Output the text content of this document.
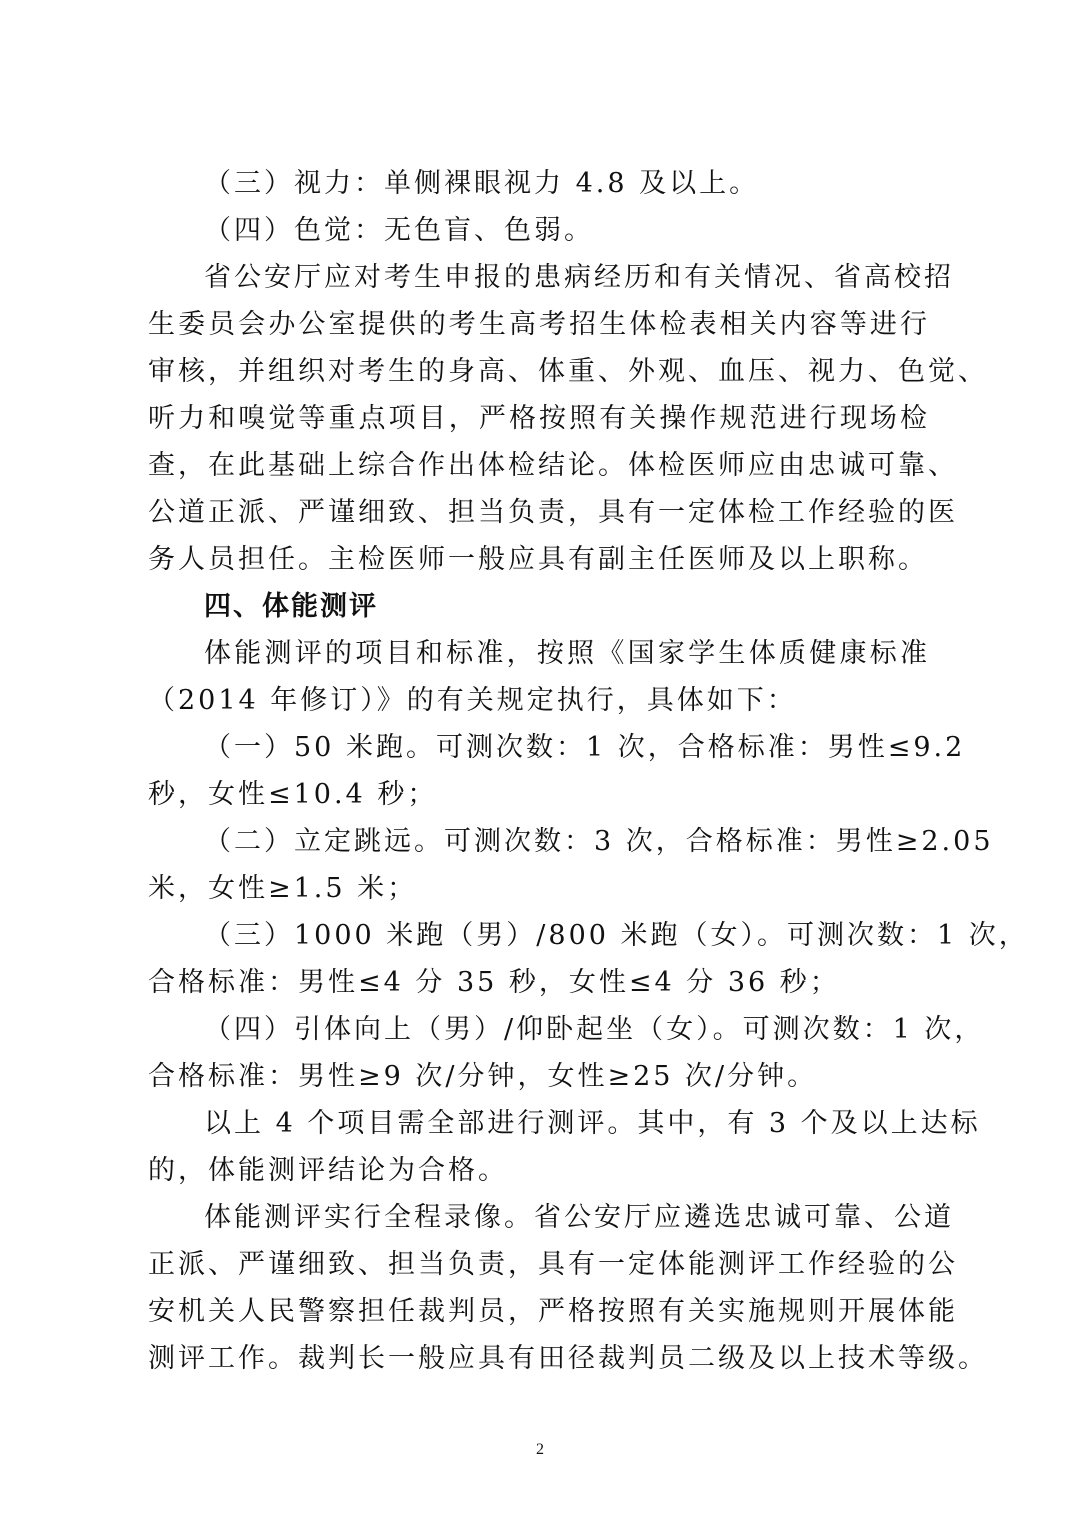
（三）视力：单侧裸眼视力 4.8 及以上。
（四）色觉：无色盲、色弱。
省公安厅应对考生申报的患病经历和有关情况、省高校招
生委员会办公室提供的考生高考招生体检表相关内容等进行
审核，并组织对考生的身高、体重、外观、血压、视力、色觉、
听力和嗅觉等重点项目，严格按照有关操作规范进行现场检
查，在此基础上综合作出体检结论。体检医师应由忠诚可靠、
公道正派、严谨细致、担当负责，具有一定体检工作经验的医
务人员担任。主检医师一般应具有副主任医师及以上职称。
四、体能测评
体能测评的项目和标准，按照《国家学生体质健康标准
（2014 年修订）》的有关规定执行，具体如下：
（一）50 米跑。可测次数：1 次，合格标准：男性≤9.2
秒，女性≤10.4 秒；
（二）立定跳远。可测次数：3 次，合格标准：男性≥2.05
米，女性≥1.5 米；
（三）1000 米跑（男）/800 米跑（女）。可测次数：1 次，
合格标准：男性≤4 分 35 秒，女性≤4 分 36 秒；
（四）引体向上（男）/仰卧起坐（女）。可测次数：1 次，
合格标准：男性≥9 次/分钟，女性≥25 次/分钟。
以上 4 个项目需全部进行测评。其中，有 3 个及以上达标
的，体能测评结论为合格。
体能测评实行全程录像。省公安厅应遴选忠诚可靠、公道
正派、严谨细致、担当负责，具有一定体能测评工作经验的公
安机关人民警察担任裁判员，严格按照有关实施规则开展体能
测评工作。裁判长一般应具有田径裁判员二级及以上技术等级。
2
